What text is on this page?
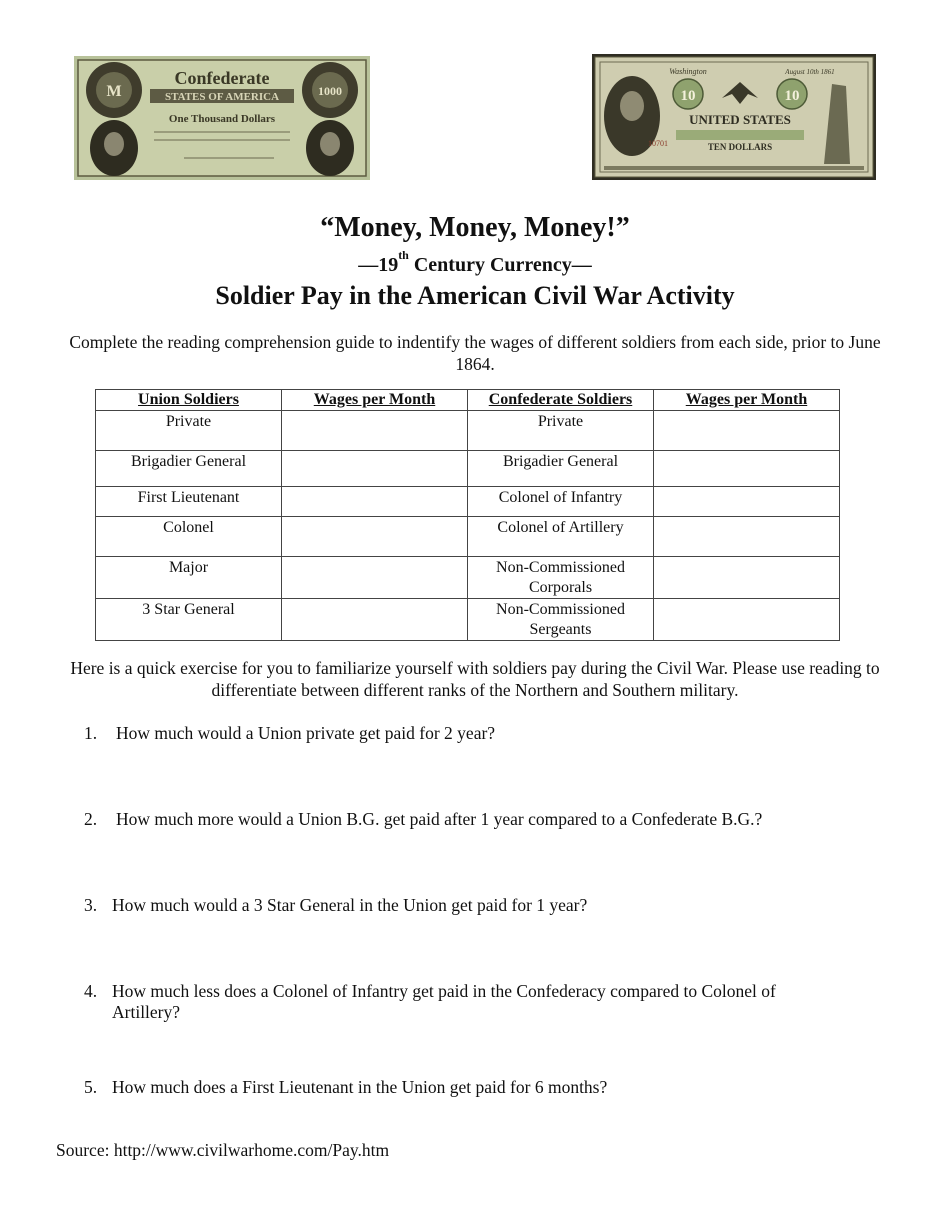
M	1000
Confederate
STATES OF AMERICA
One Thousand Dollars
10	10
Washington	August 10th 1861
UNITED STATES
TEN DOLLARS
10701
“Money, Money, Money!”
—19th Century Currency—
Soldier Pay in the American Civil War Activity
Complete the reading comprehension guide to indentify the wages of different soldiers from each side, prior to June 1864.
Union Soldiers	Wages per Month	Confederate Soldiers	Wages per Month
Private		Private	
Brigadier General		Brigadier General	
First Lieutenant		Colonel of Infantry	
Colonel		Colonel of Artillery	
Major		Non-Commissioned Corporals	
3 Star General		Non-Commissioned Sergeants	
Here is a quick exercise for you to familiarize yourself with soldiers pay during the Civil War. Please use reading to differentiate between different ranks of the Northern and Southern military.
1.	How much would a Union private get paid for 2 year?
2.	How much more would a Union B.G. get paid after 1 year compared to a Confederate B.G.?
3. How much would a 3 Star General in the Union get paid for 1 year?
4. How much less does a Colonel of Infantry get paid in the Confederacy compared to Colonel of Artillery?
5. How much does a First Lieutenant in the Union get paid for 6 months?
Source: http://www.civilwarhome.com/Pay.htm
